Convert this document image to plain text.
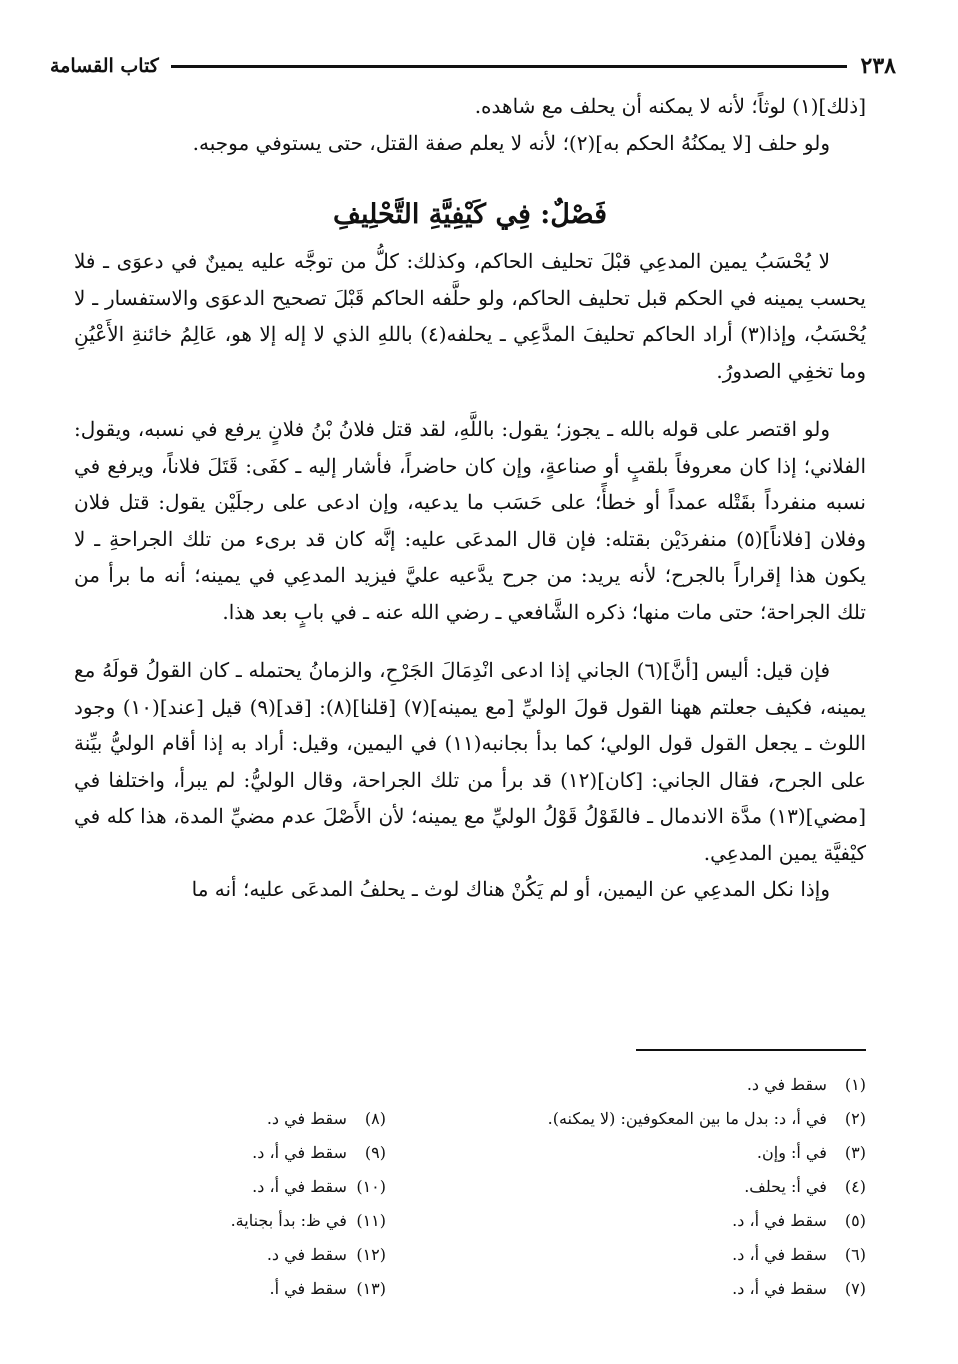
٢٣٨
كتاب القسامة

[ذلك](١) لوثاً؛ لأنه لا يمكنه أن يحلف مع شاهده.

ولو حلف [لا يمكنُهُ الحكم به](٢)؛ لأنه لا يعلم صفة القتل، حتى يستوفي موجبه.

فَصْلٌ: فِي كَيْفِيَّةِ التَّحْلِيفِ

لا يُحْسَبُ يمين المدعِي قبْلَ تحليف الحاكم، وكذلك: كلُّ من توجَّه عليه يمينٌ في دعوَى ـ فلا يحسب يمينه في الحكم قبل تحليف الحاكم، ولو حلَّفه الحاكم قَبْلَ تصحيح الدعوَى والاستفسار ـ لا يُحْسَبُ، وإذا(٣) أراد الحاكم تحليفَ المدَّعِي ـ يحلفه(٤) باللهِ الذي لا إله إلا هو، عَالِمُ خائنةِ الأَعْيُنِ وما تخفِي الصدورُ.

ولو اقتصر على قوله بالله ـ يجوز؛ يقول: باللَّهِ، لقد قتل فلانُ بْنُ فلانٍ يرفع في نسبه، ويقول: الفلاني؛ إذا كان معروفاً بلقبٍ أو صناعةٍ، وإن كان حاضراً، فأشار إليه ـ كفَى: قَتَلَ فلاناً، ويرفع في نسبه منفرداً بقَتْله عمداً أو خطأً؛ على حَسَب ما يدعيه، وإن ادعى على رجلَيْن يقول: قتل فلان وفلان [فلاناً](٥) منفردَيْن بقتله: فإن قال المدعَى عليه: إنَّه كان قد برىء من تلك الجراحةِ ـ لا يكون هذا إقراراً بالجرح؛ لأنه يريد: من جرح يدَّعيه عليَّ فيزيد المدعِي في يمينه؛ أنه ما برأ من تلك الجراحة؛ حتى مات منها؛ ذكره الشَّافعي ـ رضي الله عنه ـ في بابٍ بعد هذا.

فإن قيل: أليس [أنَّ](٦) الجاني إذا ادعى انْدِمَالَ الجَرْحِ، والزمانُ يحتمله ـ كان القولُ قولَهُ مع يمينه، فكيف جعلتم ههنا القول قولَ الوليِّ [مع يمينه](٧) [قلنا](٨): [قد](٩) قيل [عند](١٠) وجود اللوث ـ يجعل القول قول الولي؛ كما بدأ بجانبه(١١) في اليمين، وقيل: أراد به إذا أقام الوليُّ بيِّنة على الجرح، فقال الجاني: [كان](١٢) قد برأ من تلك الجراحة، وقال الوليُّ: لم يبرأ، واختلفا في [مضي](١٣) مدَّة الاندمال ـ فالقَوْلُ قَوْلُ الوليِّ مع يمينه؛ لأن الأَصْلَ عدم مضيِّ المدة، هذا كله في كيْفيَّة يمين المدعِي.

وإذا نكل المدعِي عن اليمين، أو لم يَكُنْ هناك لوث ـ يحلفُ المدعَى عليه؛ أنه ما

(١) سقط في د.
(٢) في أ، د: بدل ما بين المعكوفين: (لا يمكنه).
(٣) في أ: وإن.
(٤) في أ: يحلف.
(٥) سقط في أ، د.
(٦) سقط في أ، د.
(٧) سقط في أ، د.
(٨) سقط في د.
(٩) سقط في أ، د.
(١٠) سقط في أ، د.
(١١) في ظ: بدأ بجناية.
(١٢) سقط في د.
(١٣) سقط في أ.
